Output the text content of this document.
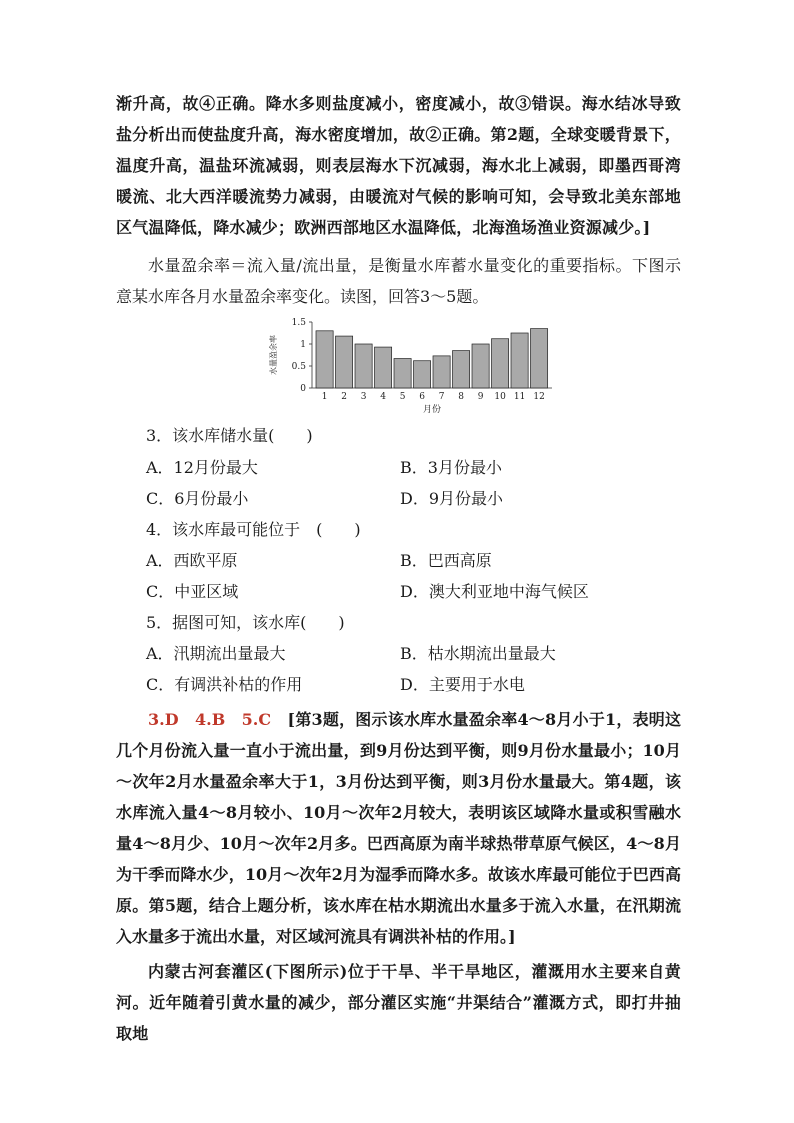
渐升高，故④正确。降水多则盐度减小，密度减小，故③错误。海水结冰导致盐分析出而使盐度升高，海水密度增加，故②正确。第2题，全球变暖背景下，温度升高，温盐环流减弱，则表层海水下沉减弱，海水北上减弱，即墨西哥湾暖流、北大西洋暖流势力减弱，由暖流对气候的影响可知，会导致北美东部地区气温降低，降水减少；欧洲西部地区水温降低，北海渔场渔业资源减少。]

水量盈余率＝流入量/流出量，是衡量水库蓄水量变化的重要指标。下图示意某水库各月水量盈余率变化。读图，回答3～5题。

0
0.5
1
1.5
1 2 3 4 5 6 7 8 9 10 11 12
月份
水量盈余率
3．该水库储水量(　　)
A．12月份最大	B．3月份最小
C．6月份最小	D．9月份最小
4．该水库最可能位于　(　　)
A．西欧平原	B．巴西高原
C．中亚区域	D．澳大利亚地中海气候区
5．据图可知，该水库(　　)
A．汛期流出量最大	B．枯水期流出量最大
C．有调洪补枯的作用	D．主要用于水电

3.D　4.B　5.C　[第3题，图示该水库水量盈余率4～8月小于1，表明这几个月份流入量一直小于流出量，到9月份达到平衡，则9月份水量最小；10月～次年2月水量盈余率大于1，3月份达到平衡，则3月份水量最大。第4题，该水库流入量4～8月较小、10月～次年2月较大，表明该区域降水量或积雪融水量4～8月少、10月～次年2月多。巴西高原为南半球热带草原气候区，4～8月为干季而降水少，10月～次年2月为湿季而降水多。故该水库最可能位于巴西高原。第5题，结合上题分析，该水库在枯水期流出水量多于流入水量，在汛期流入水量多于流出水量，对区域河流具有调洪补枯的作用。]

内蒙古河套灌区(下图所示)位于干旱、半干旱地区，灌溉用水主要来自黄河。近年随着引黄水量的减少，部分灌区实施“井渠结合”灌溉方式，即打井抽取地
